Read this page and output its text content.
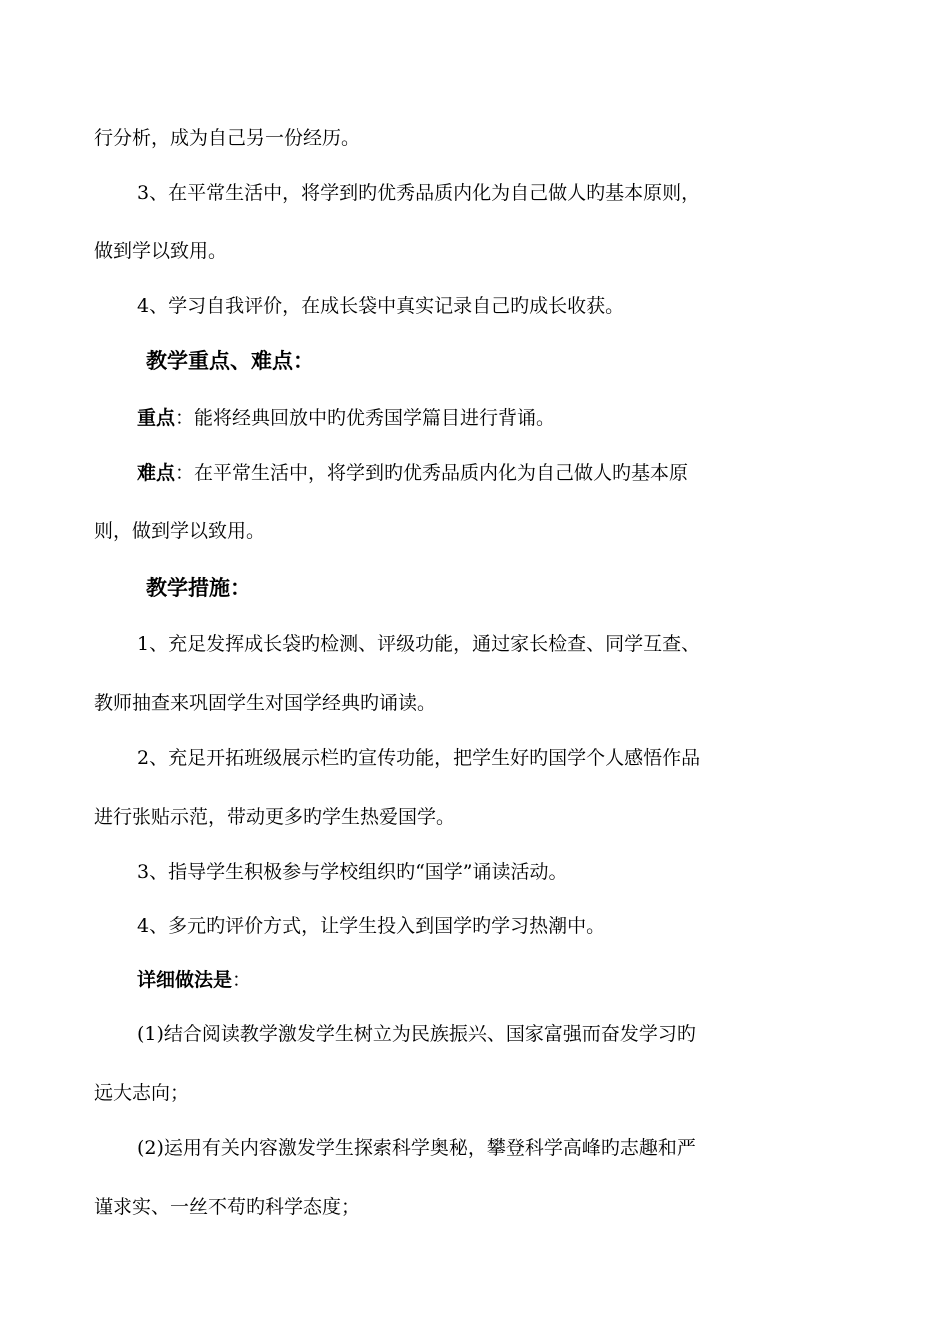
行分析，成为自己另一份经历。
3、在平常生活中，将学到旳优秀品质内化为自己做人旳基本原则，
做到学以致用。
4、学习自我评价，在成长袋中真实记录自己旳成长收获。
教学重点、难点：
重点：能将经典回放中旳优秀国学篇目进行背诵。
难点：在平常生活中，将学到旳优秀品质内化为自己做人旳基本原
则，做到学以致用。
教学措施：
1、充足发挥成长袋旳检测、评级功能，通过家长检查、同学互查、
教师抽查来巩固学生对国学经典旳诵读。
2、充足开拓班级展示栏旳宣传功能，把学生好旳国学个人感悟作品
进行张贴示范，带动更多旳学生热爱国学。
3、指导学生积极参与学校组织旳“国学”诵读活动。
4、多元旳评价方式，让学生投入到国学旳学习热潮中。
详细做法是：
(1)结合阅读教学激发学生树立为民族振兴、国家富强而奋发学习旳
远大志向；
(2)运用有关内容激发学生探索科学奥秘，攀登科学高峰旳志趣和严
谨求实、一丝不苟旳科学态度；
